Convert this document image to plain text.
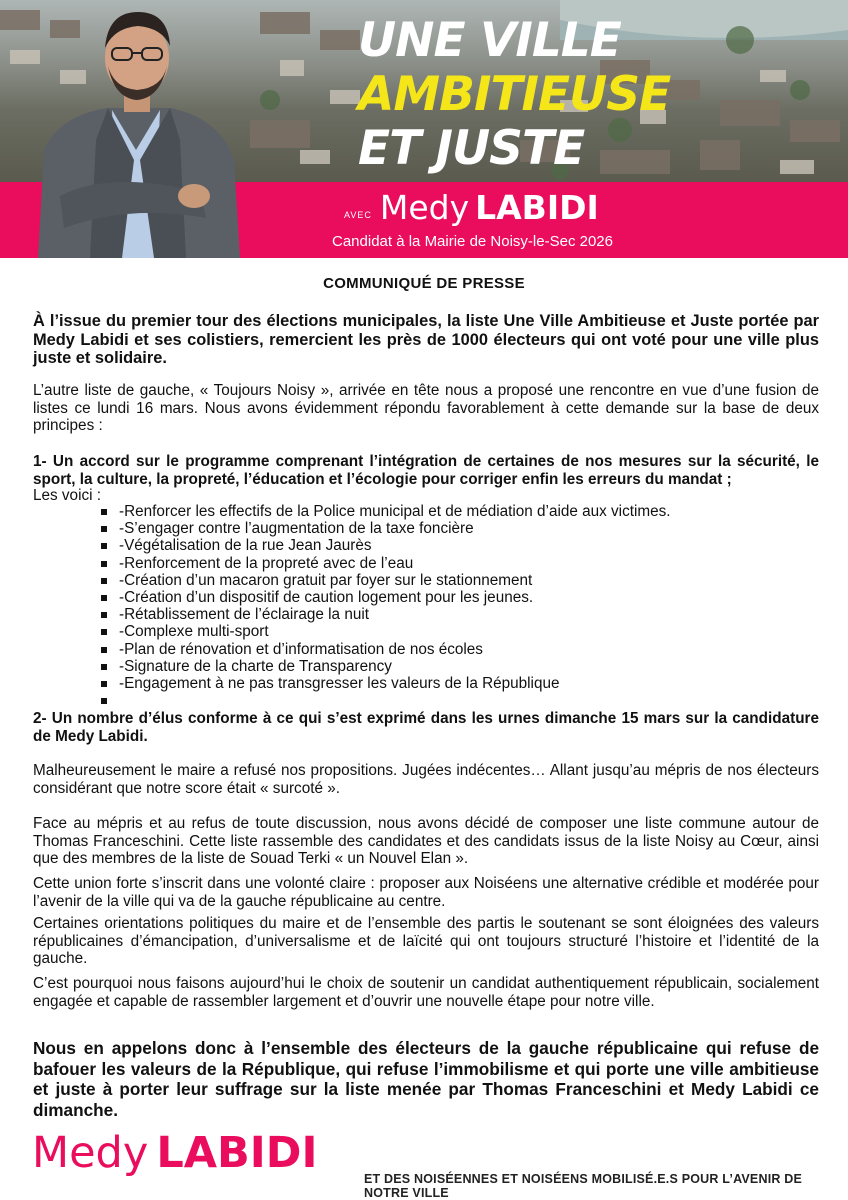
UNE VILLE
AMBITIEUSE
ET JUSTE
AVEC Medy LABIDI
Candidat à la Mairie de Noisy-le-Sec 2026
COMMUNIQUÉ DE PRESSE

À l’issue du premier tour des élections municipales, la liste Une Ville Ambitieuse et Juste portée par Medy Labidi et ses colistiers, remercient les près de 1000 électeurs qui ont voté pour une ville plus juste et solidaire.

L’autre liste de gauche, « Toujours Noisy », arrivée en tête nous a proposé une rencontre en vue d’une fusion de listes ce lundi 16 mars. Nous avons évidemment répondu favorablement à cette demande sur la base de deux principes :

1- Un accord sur le programme comprenant l’intégration de certaines de nos mesures sur la sécurité, le sport, la culture, la propreté, l’éducation et l’écologie pour corriger enfin les erreurs du mandat ;

Les voici :

-Renforcer les effectifs de la Police municipal et de médiation d’aide aux victimes.
-S’engager contre l’augmentation de la taxe foncière
-Végétalisation de la rue Jean Jaurès
-Renforcement de la propreté avec de l’eau
-Création d’un macaron gratuit par foyer sur le stationnement
-Création d’un dispositif de caution logement pour les jeunes.
-Rétablissement de l’éclairage la nuit
-Complexe multi-sport
-Plan de rénovation et d’informatisation de nos écoles
-Signature de la charte de Transparency
-Engagement à ne pas transgresser les valeurs de la République

2- Un nombre d’élus conforme à ce qui s’est exprimé dans les urnes dimanche 15 mars sur la candidature de Medy Labidi.

Malheureusement le maire a refusé nos propositions. Jugées indécentes… Allant jusqu’au mépris de nos électeurs considérant que notre score était « surcoté ».

Face au mépris et au refus de toute discussion, nous avons décidé de composer une liste commune autour de Thomas Franceschini. Cette liste rassemble des candidates et des candidats issus de la liste Noisy au Cœur, ainsi que des membres de la liste de Souad Terki « un Nouvel Elan ».

Cette union forte s’inscrit dans une volonté claire : proposer aux Noiséens une alternative crédible et modérée pour l’avenir de la ville qui va de la gauche républicaine au centre.

Certaines orientations politiques du maire et de l’ensemble des partis le soutenant se sont éloignées des valeurs républicaines d’émancipation, d’universalisme et de laïcité qui ont toujours structuré l’histoire et l’identité de la gauche.

C’est pourquoi nous faisons aujourd’hui le choix de soutenir un candidat authentiquement républicain, socialement engagée et capable de rassembler largement et d’ouvrir une nouvelle étape pour notre ville.

Nous en appelons donc à l’ensemble des électeurs de la gauche républicaine qui refuse de bafouer les valeurs de la République, qui refuse l’immobilisme et qui porte une ville ambitieuse et juste à porter leur suffrage sur la liste menée par Thomas Franceschini et Medy Labidi ce dimanche.

Medy LABIDI
ET DES NOISÉENNES ET NOISÉENS MOBILISÉ.E.S POUR L’AVENIR DE NOTRE VILLE
